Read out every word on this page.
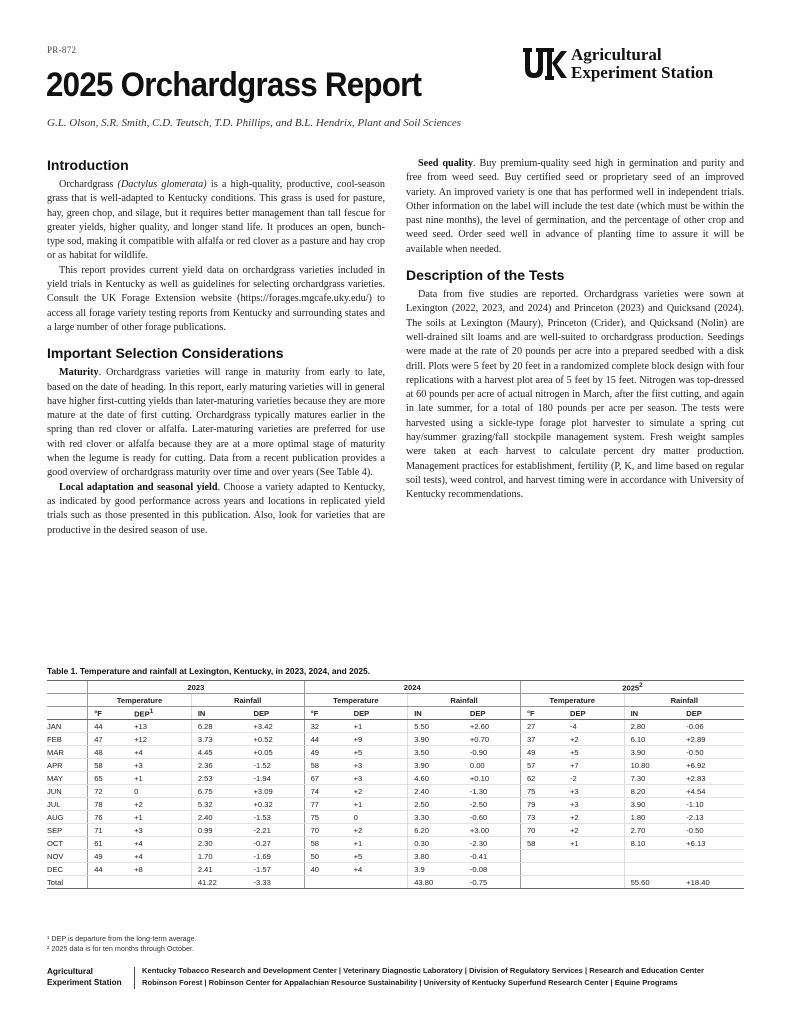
PR-872
2025 Orchardgrass Report
G.L. Olson, S.R. Smith, C.D. Teutsch, T.D. Phillips, and B.L. Hendrix, Plant and Soil Sciences
Agricultural
Experiment Station
Introduction

Orchardgrass (Dactylus glomerata) is a high-quality, productive, cool-season grass that is well-adapted to Kentucky conditions. This grass is used for pasture, hay, green chop, and silage, but it requires better management than tall fescue for greater yields, higher quality, and longer stand life. It produces an open, bunch-type sod, making it compatible with alfalfa or red clover as a pasture and hay crop or as habitat for wildlife.

This report provides current yield data on orchardgrass varieties included in yield trials in Kentucky as well as guidelines for selecting orchardgrass varieties. Consult the UK Forage Extension website (https://forages.mgcafe.uky.edu/) to access all forage variety testing reports from Kentucky and surrounding states and a large number of other forage publications.

Important Selection Considerations

Maturity. Orchardgrass varieties will range in maturity from early to late, based on the date of heading. In this report, early maturing varieties will in general have higher first-cutting yields than later-maturing varieties because they are more mature at the date of first cutting. Orchardgrass typically matures earlier in the spring than red clover or alfalfa. Later-maturing varieties are preferred for use with red clover or alfalfa because they are at a more optimal stage of maturity when the legume is ready for cutting. Data from a recent publication provides a good overview of orchardgrass maturity over time and over years (See Table 4).

Local adaptation and seasonal yield. Choose a variety adapted to Kentucky, as indicated by good performance across years and locations in replicated yield trials such as those presented in this publication. Also, look for varieties that are productive in the desired season of use.

Seed quality. Buy premium-quality seed high in germination and purity and free from weed seed. Buy certified seed or proprietary seed of an improved variety. An improved variety is one that has performed well in independent trials. Other information on the label will include the test date (which must be within the past nine months), the level of germination, and the percentage of other crop and weed seed. Order seed well in advance of planting time to assure it will be available when needed.

Description of the Tests

Data from five studies are reported. Orchardgrass varieties were sown at Lexington (2022, 2023, and 2024) and Princeton (2023) and Quicksand (2024). The soils at Lexington (Maury), Princeton (Crider), and Quicksand (Nolin) are well-drained silt loams and are well-suited to orchardgrass production. Seedings were made at the rate of 20 pounds per acre into a prepared seedbed with a disk drill. Plots were 5 feet by 20 feet in a randomized complete block design with four replications with a harvest plot area of 5 feet by 15 feet. Nitrogen was top-dressed at 60 pounds per acre of actual nitrogen in March, after the first cutting, and again in late summer, for a total of 180 pounds per acre per season. The tests were harvested using a sickle-type forage plot harvester to simulate a spring cut hay/summer grazing/fall stockpile management system. Fresh weight samples were taken at each harvest to calculate percent dry matter production. Management practices for establishment, fertility (P, K, and lime based on regular soil tests), weed control, and harvest timing were in accordance with University of Kentucky recommendations.

Table 1. Temperature and rainfall at Lexington, Kentucky, in 2023, 2024, and 2025.
	2023				2024				2025$^2$
	Temperature		Rainfall		Temperature		Rainfall		Temperature		Rainfall	
	°F	DEP$^1$	IN	DEP	°F	DEP	IN	DEP	°F	DEP	IN	DEP
JAN	44	+13	6.28	+3.42	32	+1	5.50	+2.60	27	-4	2.80	-0.06
FEB	47	+12	3.73	+0.52	44	+9	3.90	+0.70	37	+2	6.10	+2.89
MAR	48	+4	4.45	+0.05	49	+5	3.50	-0.90	49	+5	3.90	-0.50
APR	58	+3	2.36	-1.52	58	+3	3.90	0.00	57	+7	10.80	+6.92
MAY	65	+1	2.53	-1.94	67	+3	4.60	+0.10	62	-2	7.30	+2.83
JUN	72	0	6.75	+3.09	74	+2	2.40	-1.30	75	+3	8.20	+4.54
JUL	78	+2	5.32	+0.32	77	+1	2.50	-2.50	79	+3	3.90	-1.10
AUG	76	+1	2.40	-1.53	75	0	3.30	-0.60	73	+2	1.80	-2.13
SEP	71	+3	0.99	-2.21	70	+2	6.20	+3.00	70	+2	2.70	-0.50
OCT	61	+4	2.30	-0.27	58	+1	0.30	-2.30	58	+1	8.10	+6.13
NOV	49	+4	1.70	-1.69	50	+5	3.80	-0.41				
DEC	44	+8	2.41	-1.57	40	+4	3.9	-0.08				
Total			41.22	-3.33			43.80	-0.75			55.60	+18.40
¹ DEP is departure from the long-term average.
² 2025 data is for ten months through October.
Agricultural
Experiment Station
Kentucky Tobacco Research and Development Center | Veterinary Diagnostic Laboratory | Division of Regulatory Services | Research and Education Center
Robinson Forest | Robinson Center for Appalachian Resource Sustainability | University of Kentucky Superfund Research Center | Equine Programs
